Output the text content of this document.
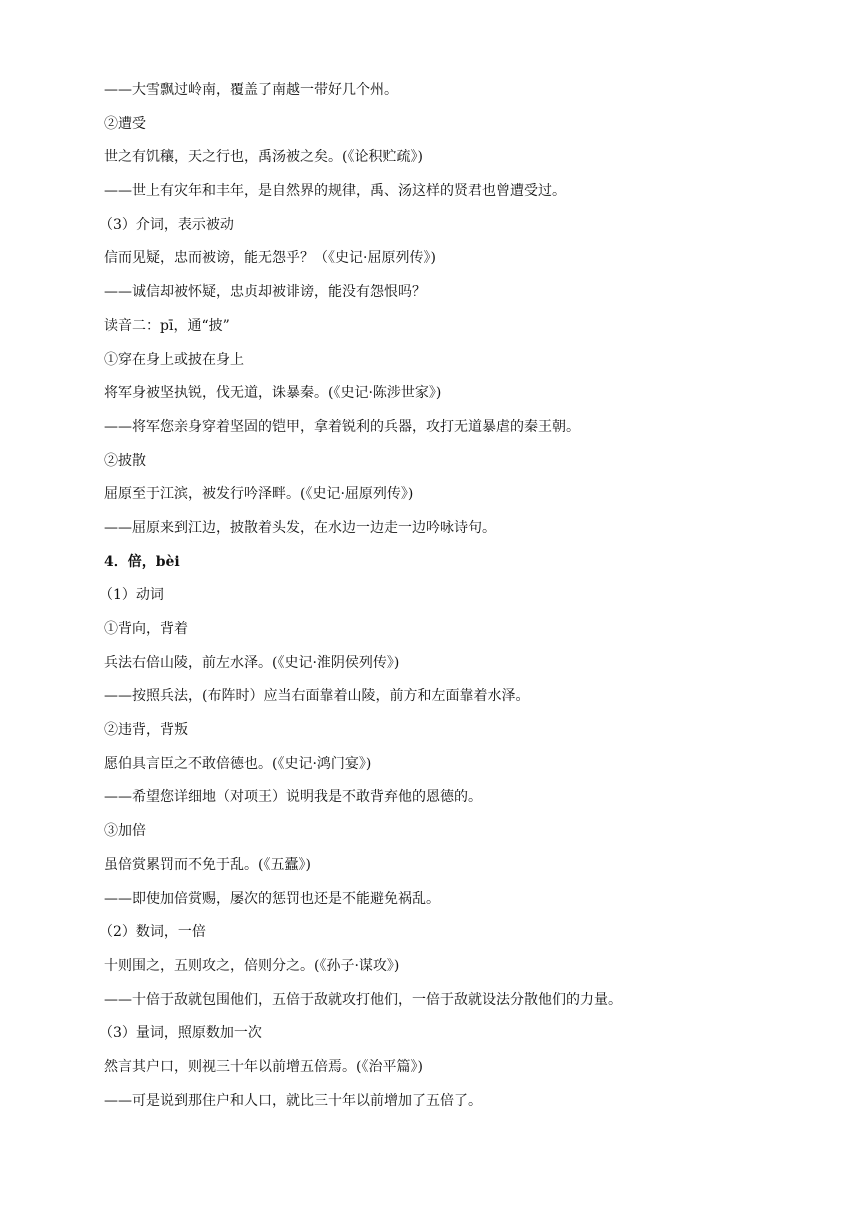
——大雪飘过岭南，覆盖了南越一带好几个州。
②遭受
世之有饥穰，天之行也，禹汤被之矣。(《论积贮疏》)
——世上有灾年和丰年，是自然界的规律，禹、汤这样的贤君也曾遭受过。
（3）介词，表示被动
信而见疑，忠而被谤，能无怨乎？（《史记·屈原列传》)
——诚信却被怀疑，忠贞却被诽谤，能没有怨恨吗？
读音二：pī，通“披”
①穿在身上或披在身上
将军身被坚执锐，伐无道，诛暴秦。(《史记·陈涉世家》)
——将军您亲身穿着坚固的铠甲，拿着锐利的兵器，攻打无道暴虐的秦王朝。
②披散
屈原至于江滨，被发行吟泽畔。(《史记·屈原列传》)
——屈原来到江边，披散着头发，在水边一边走一边吟咏诗句。
4．倍，bèi
（1）动词
①背向，背着
兵法右倍山陵，前左水泽。(《史记·淮阴侯列传》)
——按照兵法，(布阵时）应当右面靠着山陵，前方和左面靠着水泽。
②违背，背叛
愿伯具言臣之不敢倍德也。(《史记·鸿门宴》)
——希望您详细地（对项王）说明我是不敢背弃他的恩德的。
③加倍
虽倍赏累罚而不免于乱。(《五蠹》)
——即使加倍赏赐，屡次的惩罚也还是不能避免祸乱。
（2）数词，一倍
十则围之，五则攻之，倍则分之。(《孙子·谋攻》)
——十倍于敌就包围他们，五倍于敌就攻打他们，一倍于敌就设法分散他们的力量。
（3）量词，照原数加一次
然言其户口，则视三十年以前增五倍焉。(《治平篇》)
——可是说到那住户和人口，就比三十年以前增加了五倍了。
